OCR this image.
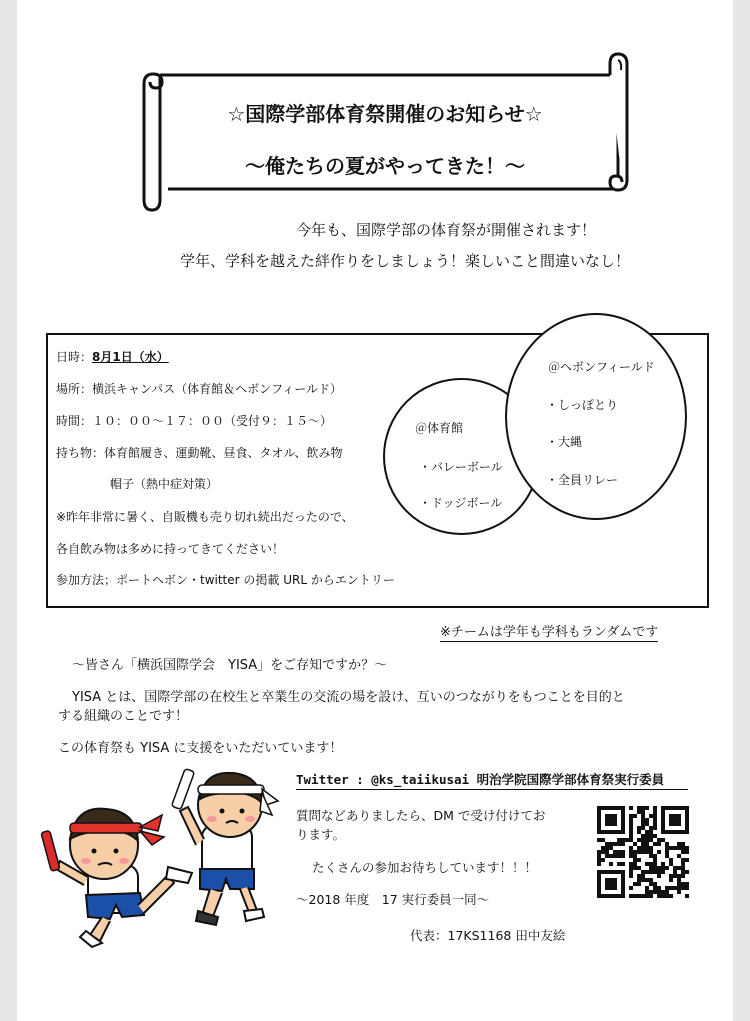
☆国際学部体育祭開催のお知らせ☆
〜俺たちの夏がやってきた！〜
今年も、国際学部の体育祭が開催されます！
学年、学科を越えた絆作りをしましょう！楽しいこと間違いなし！
日時：8月1日（水）
場所：横浜キャンパス（体育館＆ヘボンフィールド）
時間：１０：００〜１７：００（受付９：１５〜）
持ち物：体育館履き、運動靴、昼食、タオル、飲み物
帽子（熱中症対策）
※昨年非常に暑く、自販機も売り切れ続出だったので、
各自飲み物は多めに持ってきてください！
参加方法；ポートヘボン・twitter の掲載 URL からエントリー
＠体育館
・バレーボール
・ドッジボール
＠ヘボンフィールド
・しっぽとり
・大縄
・全員リレー
※チームは学年も学科もランダムです
〜皆さん「横浜国際学会　YISA」をご存知ですか？〜
YISA とは、国際学部の在校生と卒業生の交流の場を設け、互いのつながりをもつことを目的と
する組織のことです！
この体育祭も YISA に支援をいただいています！
Twitter : @ks_taiikusai 明治学院国際学部体育祭実行委員
質問などありましたら、DM で受け付けてお
ります。
たくさんの参加お待ちしています！！！
〜2018 年度　17 実行委員一同〜
代表：17KS1168 田中友絵
